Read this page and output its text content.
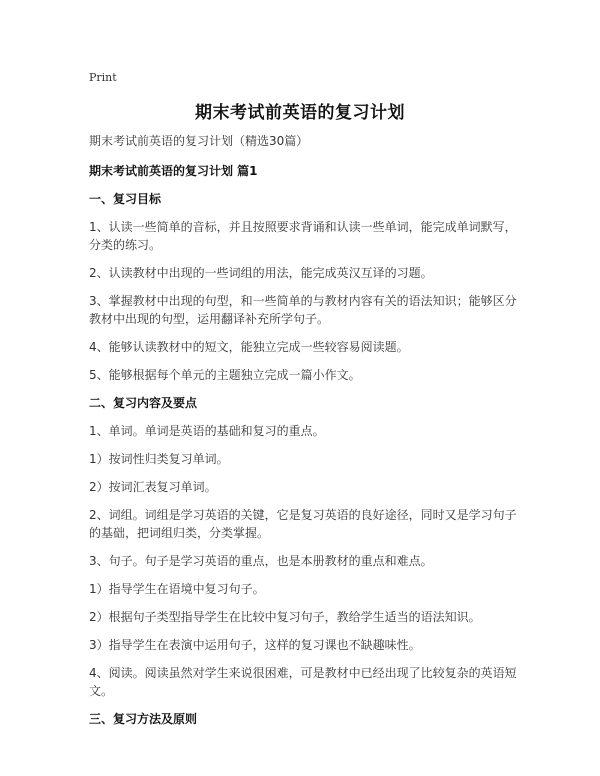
Print
期末考试前英语的复习计划
期末考试前英语的复习计划（精选30篇）
期末考试前英语的复习计划 篇1
一、复习目标
1、认读一些简单的音标，并且按照要求背诵和认读一些单词，能完成单词默写，分类的练习。
2、认读教材中出现的一些词组的用法，能完成英汉互译的习题。
3、掌握教材中出现的句型，和一些简单的与教材内容有关的语法知识；能够区分教材中出现的句型，运用翻译补充所学句子。
4、能够认读教材中的短文，能独立完成一些较容易阅读题。
5、能够根据每个单元的主题独立完成一篇小作文。
二、复习内容及要点
1、单词。单词是英语的基础和复习的重点。
1）按词性归类复习单词。
2）按词汇表复习单词。
2、词组。词组是学习英语的关键，它是复习英语的良好途径，同时又是学习句子的基础，把词组归类，分类掌握。
3、句子。句子是学习英语的重点，也是本册教材的重点和难点。
1）指导学生在语境中复习句子。
2）根据句子类型指导学生在比较中复习句子，教给学生适当的语法知识。
3）指导学生在表演中运用句子，这样的复习课也不缺趣味性。
4、阅读。阅读虽然对学生来说很困难，可是教材中已经出现了比较复杂的英语短文。
三、复习方法及原则
